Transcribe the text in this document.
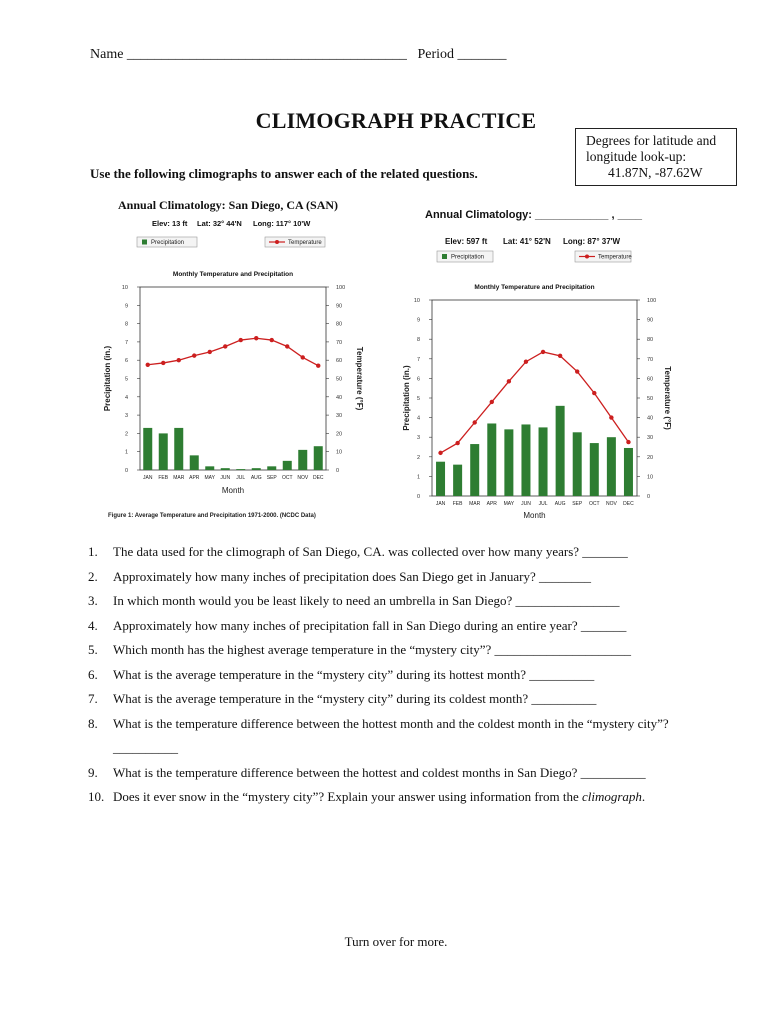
Name ________________________________________ Period _______
CLIMOGRAPH PRACTICE
Degrees for latitude and
longitude look-up:

41.87N, -87.62W
Use the following climographs to answer each of the related questions.
Annual Climatology: San Diego, CA (SAN)
Elev: 13 ft Lat: 32° 44'N Long: 117° 10'W
Precipitation	Temperature
Monthly Temperature and Precipitation
0
1
2
3
4
5
6
7
8
9
10
0
10
20
30
40
50
60
70
80
90
100
JAN FEB MAR APR MAY JUN JUL AUG SEP OCT NOV DEC
Month
Precipitation (in.)	Temperature (°F)
Figure 1: Average Temperature and Precipitation 1971-2000. (NCDC Data)
Annual Climatology: ____________ , ____
Elev: 597 ft Lat: 41° 52'N Long: 87° 37'W
Precipitation	Temperature
Monthly Temperature and Precipitation
0
1
2
3
4
5
6
7
8
9
10
0
10
20
30
40
50
60
70
80
90
100
JAN FEB MAR APR MAY JUN JUL AUG SEP OCT NOV DEC
Month
Precipitation (in.)	Temperature (°F)
1. The data used for the climograph of San Diego, CA. was collected over how many years? _______
2. Approximately how many inches of precipitation does San Diego get in January? ________
3. In which month would you be least likely to need an umbrella in San Diego? ________________
4. Approximately how many inches of precipitation fall in San Diego during an entire year? _______
5. Which month has the highest average temperature in the “mystery city”? _____________________
6. What is the average temperature in the “mystery city” during its hottest month? __________
7. What is the average temperature in the “mystery city” during its coldest month? __________
8. What is the temperature difference between the hottest month and the coldest month in the “mystery city”? __________
9. What is the temperature difference between the hottest and coldest months in San Diego? __________
10. Does it ever snow in the “mystery city”? Explain your answer using information from the climograph.
Turn over for more.
